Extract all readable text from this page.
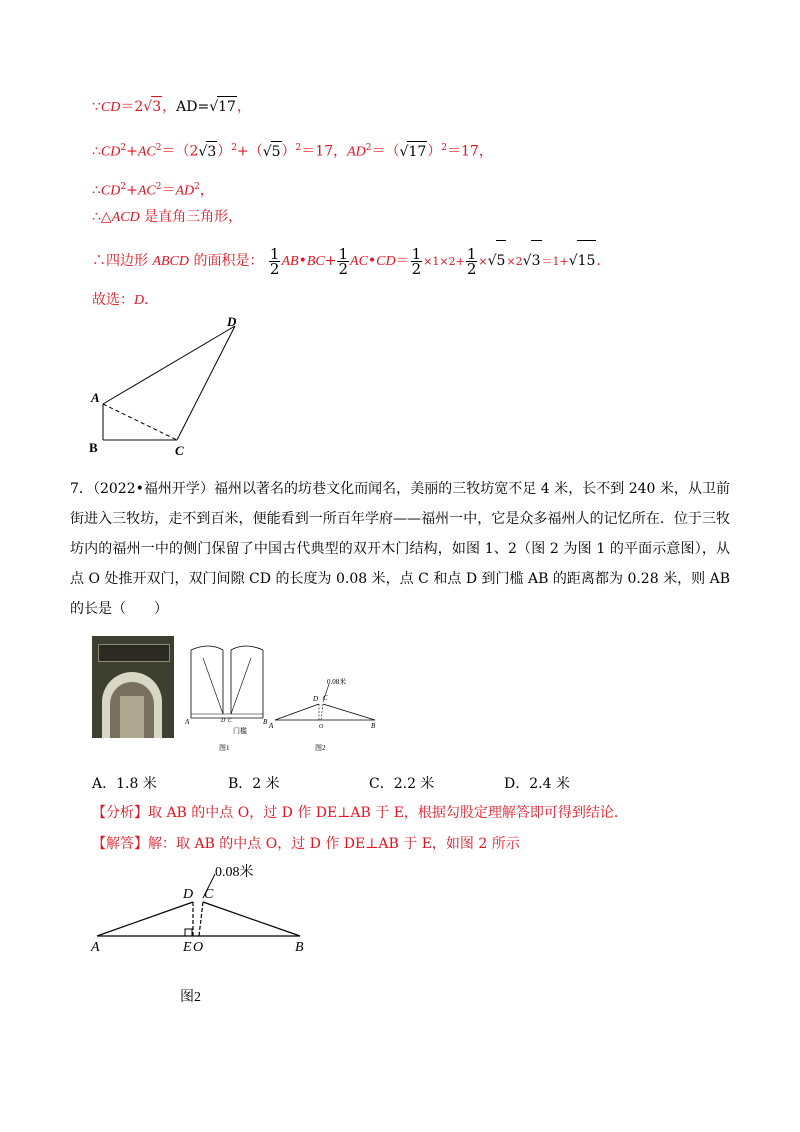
∵CD＝2√3，AD=√17，
$\therefore CD^2+AC^2=(2√3)^2+(√5)^2=17$，$AD^2=(√17)^2=17$，
$\therefore CD^2+AC^2=AD^2$，
∴△ACD 是直角三角形，
∴四边形 ABCD 的面积是： $\frac{1}{2}$ AB•BC+ $\frac{1}{2}$ AC•CD＝ $\frac{1}{2} \times 1\times 2+ \frac{1}{2} \times√5\times 2√3=1+√15$．
故选：D．
A
B	C
D
7．（2022•福州开学）福州以著名的坊巷文化而闻名，美丽的三牧坊宽不足 4 米，长不到 240 米，从卫前街进入三牧坊，走不到百米，便能看到一所百年学府——福州一中，它是众多福州人的记忆所在．位于三牧坊内的福州一中的侧门保留了中国古代典型的双开木门结构，如图 1、2（图 2 为图 1 的平面示意图），从点 O 处推开双门，双门间隙 CD 的长度为 0.08 米，点 C 和点 D 到门槛 AB 的距离都为 0.28 米，则 AB 的长是（　　）
A	B
D C
门槛
图1
0.08米
D C
A	O	B
图2
A．1.8 米	B．2 米	C．2.2 米	D．2.4 米
【分析】取 AB 的中点 O，过 D 作 DE⊥AB 于 E，根据勾股定理解答即可得到结论．
【解答】解：取 AB 的中点 O，过 D 作 DE⊥AB 于 E，如图 2 所示
0.08米
D C
A	E O	B
图2
